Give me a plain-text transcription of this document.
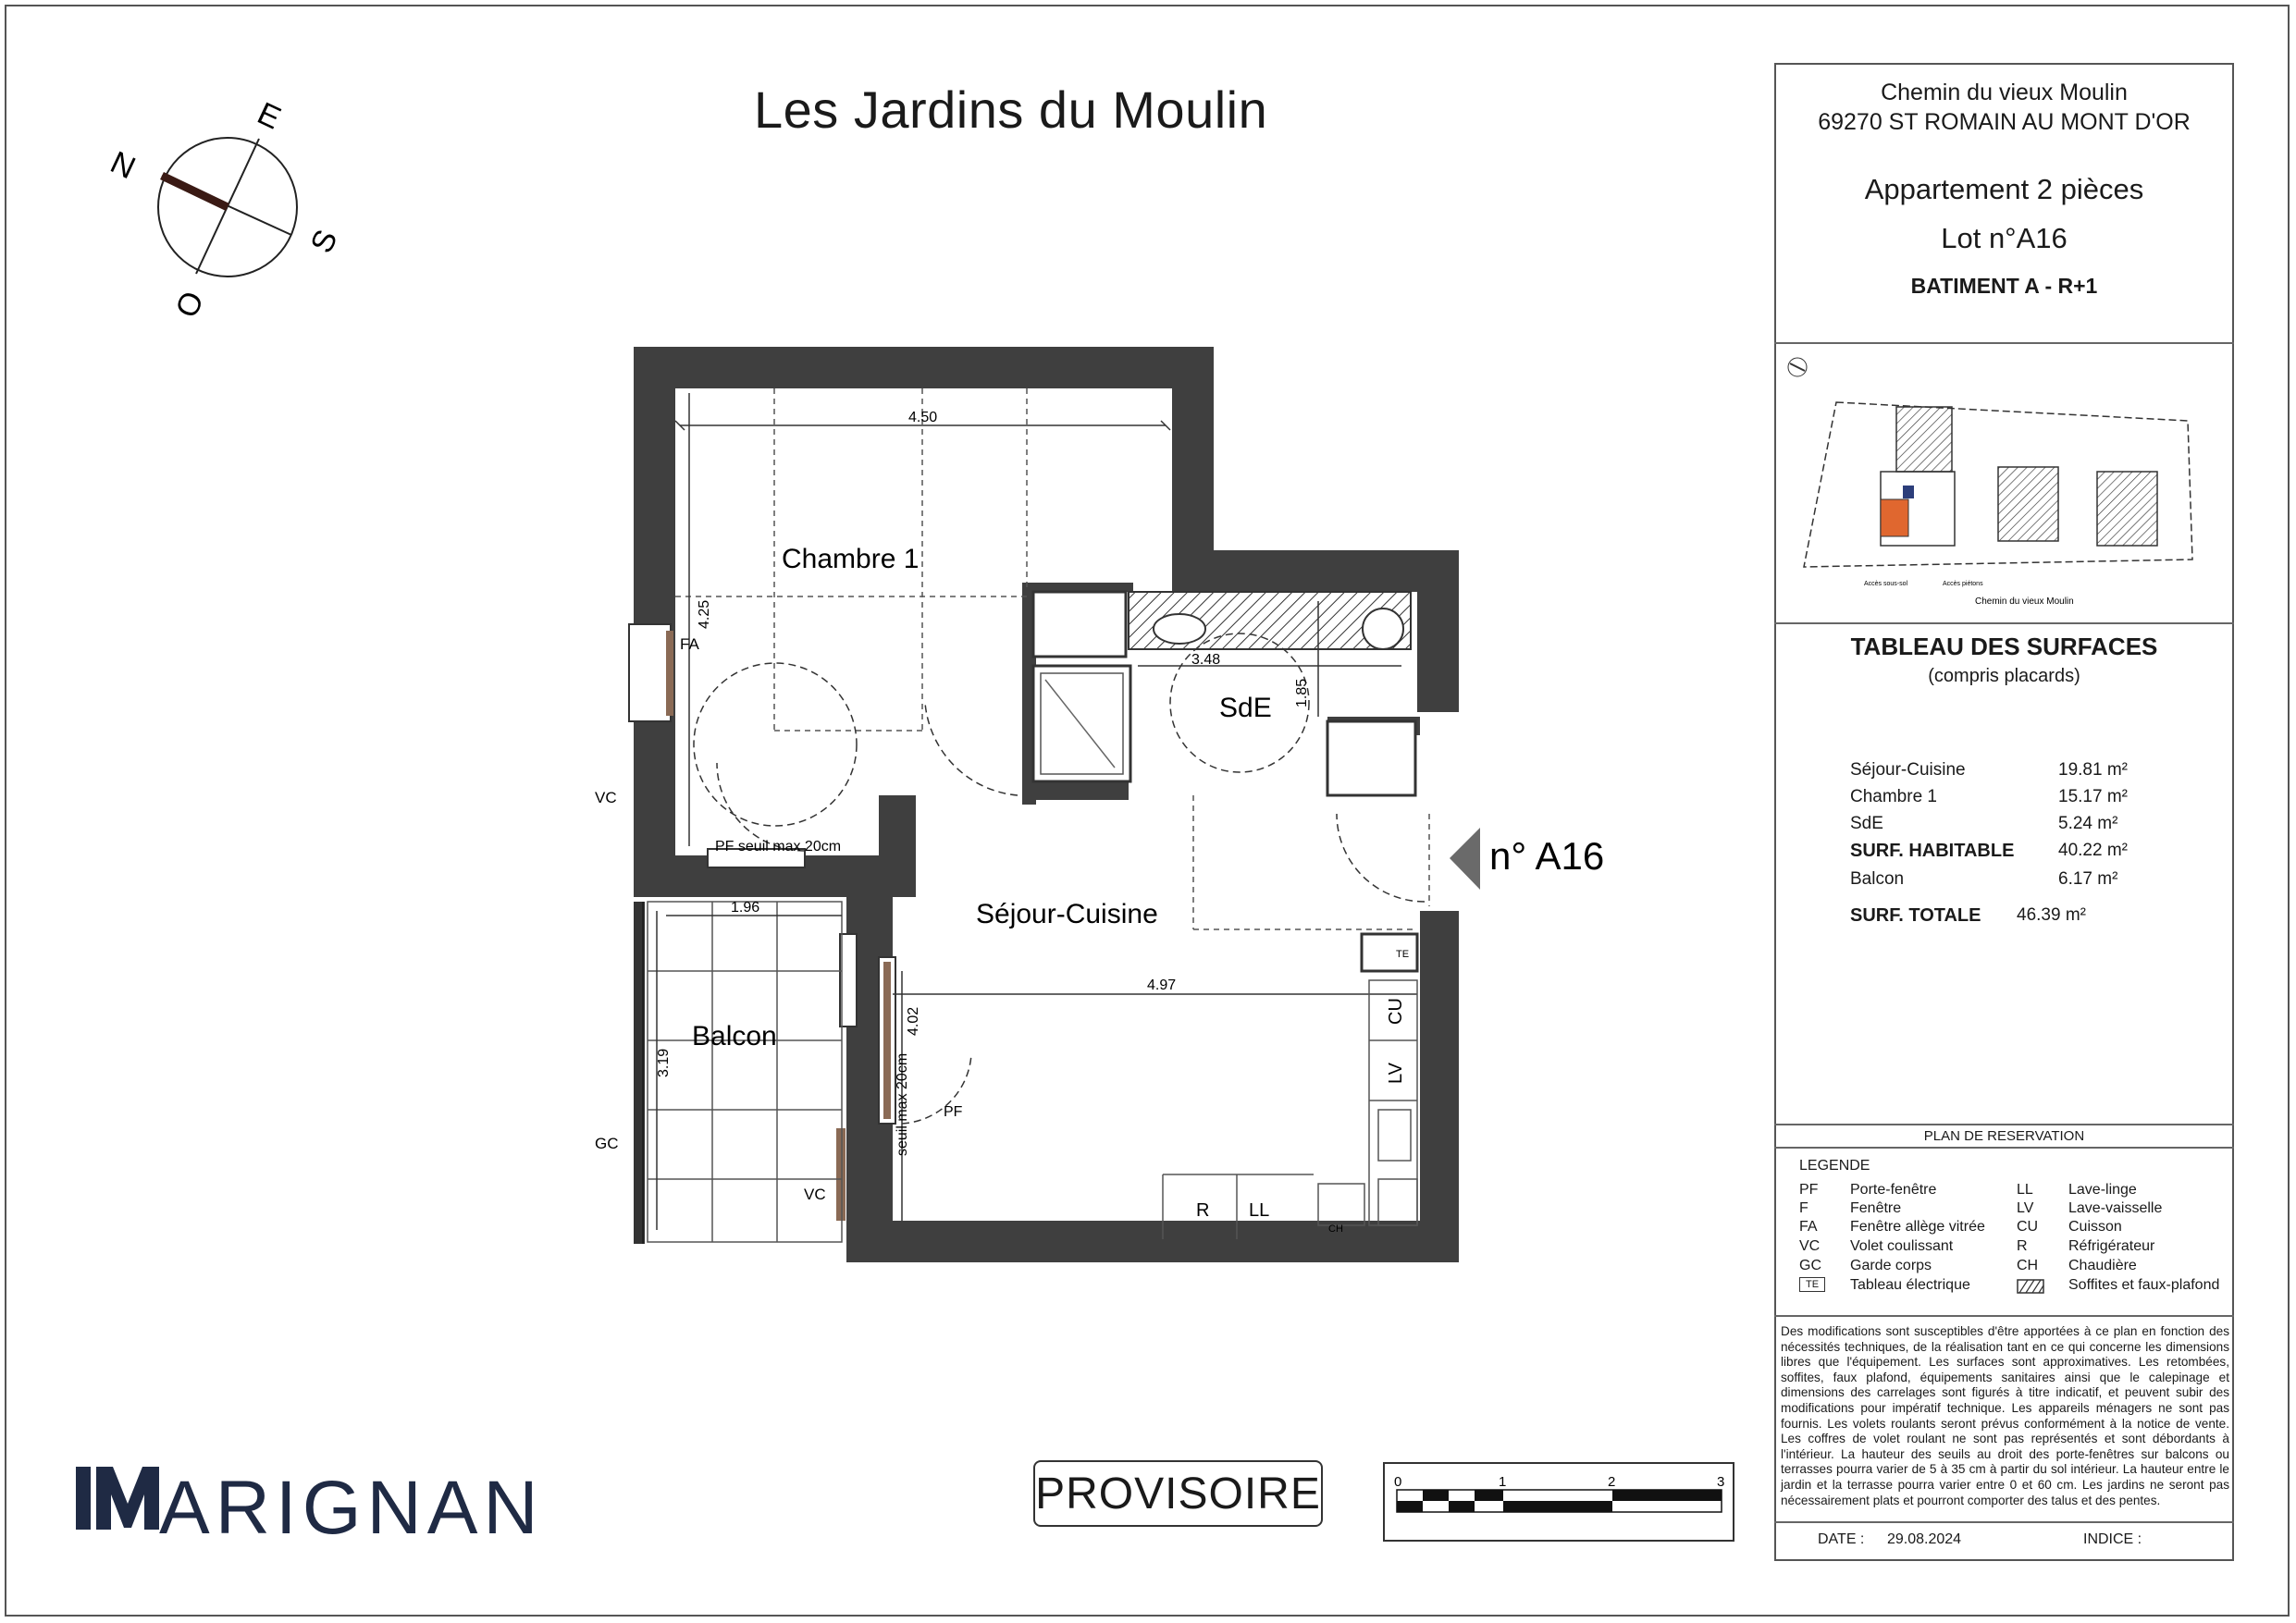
Les Jardins du Moulin
N
E
S
O
Chambre 1
SdE
Séjour-Cuisine
Balcon
4.50
4.25
3.48
1.85
1.96
4.97
4.02
3.19
FA
VC
GC
VC
PF seuil max 20cm
PF
seuil max 20cm
TE
CU
LV
R LL
CH
n° A16
Chemin du vieux Moulin
69270 ST ROMAIN AU MONT D'OR
Appartement 2 pièces
Lot n°A16
BATIMENT A - R+1
Chemin du vieux Moulin
Accès sous-sol	Accès piétons
TABLEAU DES SURFACES
(compris placards)
Séjour-Cuisine	19.81 m²
Chambre 1	15.17 m²
SdE	5.24 m²
SURF. HABITABLE	40.22 m²
Balcon	6.17 m²
SURF. TOTALE 46.39 m²
PLAN DE RESERVATION
LEGENDE
PF Porte-fenêtre
F	Fenêtre
FA Fenêtre allège vitrée
VC Volet coulissant
GC Garde corps
TE	Tableau électrique
LL Lave-linge
LV Lave-vaisselle
CU Cuisson
R	Réfrigérateur
CH Chaudière
Soffites et faux-plafond
Des modifications sont susceptibles d'être apportées à ce plan en fonction des nécessités techniques, de la réalisation tant en ce qui concerne les dimensions libres que l'équipement. Les surfaces sont approximatives. Les retombées, soffites, faux plafond, équipements sanitaires ainsi que le calepinage et dimensions des carrelages sont figurés à titre indicatif, et peuvent subir des modifications pour impératif technique. Les appareils ménagers ne sont pas fournis. Les volets roulants seront prévus conformément à la notice de vente. Les coffres de volet roulant ne sont pas représentés et sont débordants à l'intérieur. La hauteur des seuils au droit des porte-fenêtres sur balcons ou terrasses pourra varier de 5 à 35 cm à partir du sol intérieur. La hauteur entre le jardin et la terrasse pourra varier entre 0 et 60 cm. Les jardins ne seront pas nécessairement plats et pourront comporter des talus et des pentes.
DATE : 29.08.2024	INDICE :
PROVISOIRE	0	1	2	3
ARIGNAN
